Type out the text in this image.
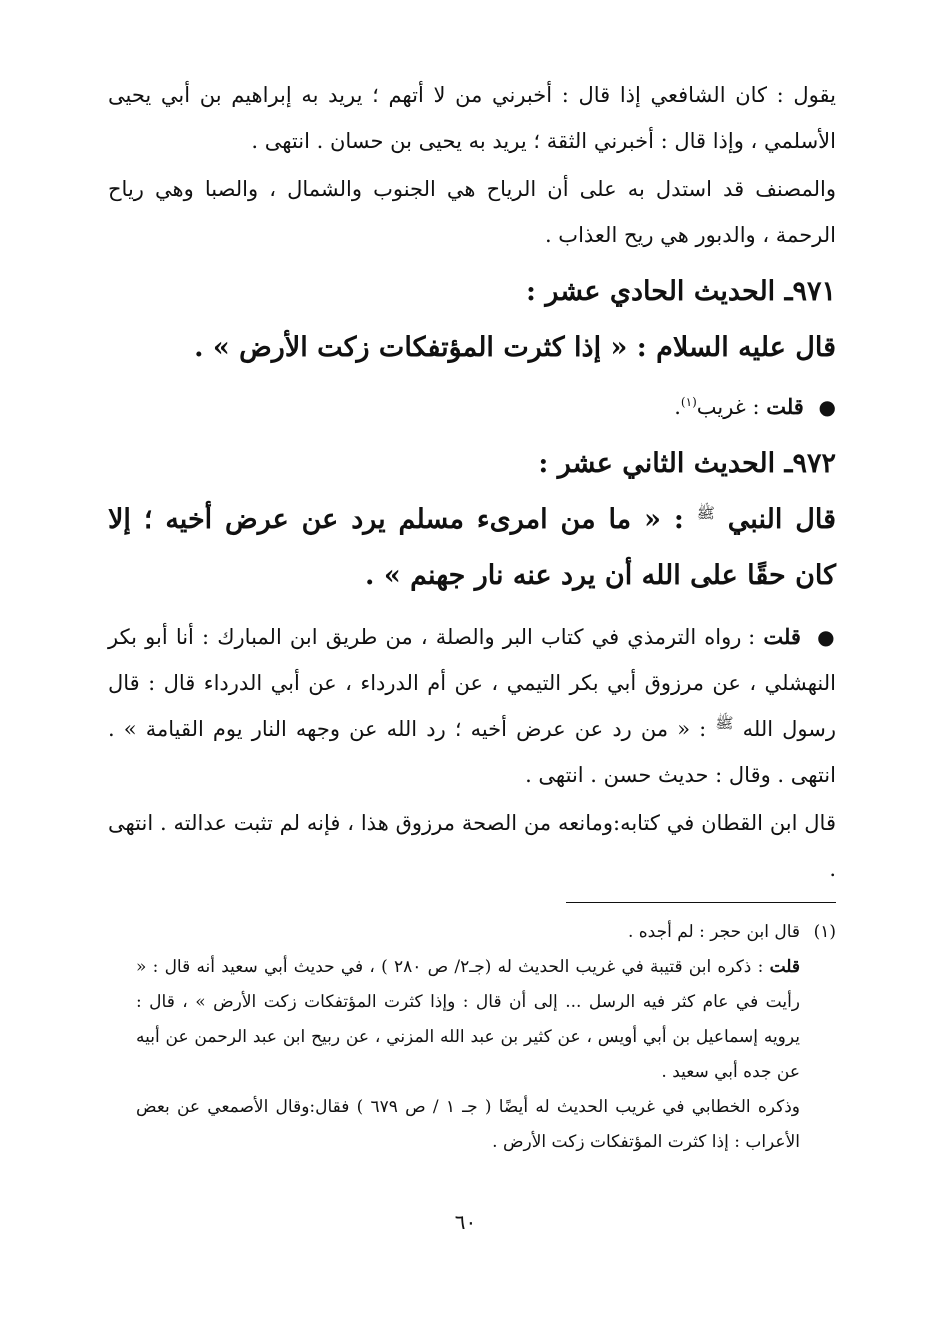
يقول : كان الشافعي إذا قال : أخبرني من لا أتهم ؛ يريد به إبراهيم بن أبي يحيى الأسلمي ، وإذا قال : أخبرني الثقة ؛ يريد به يحيى بن حسان . انتهى .

والمصنف قد استدل به على أن الرياح هي الجنوب والشمال ، والصبا وهي رياح الرحمة ، والدبور هي ريح العذاب .

٩٧١ـ الحديث الحادي عشر :

قال عليه السلام : « إذا كثرت المؤتفكات زكت الأرض » .

● قلت : غريب$^{(١)}$.

٩٧٢ـ الحديث الثاني عشر :

قال النبي $^ﷺ$ : « ما من امرىء مسلم يرد عن عرض أخيه ؛ إلا كان حقًا على الله أن يرد عنه نار جهنم » .

● قلت : رواه الترمذي في كتاب البر والصلة ، من طريق ابن المبارك : أنا أبو بكر النهشلي ، عن مرزوق أبي بكر التيمي ، عن أم الدرداء ، عن أبي الدرداء قال : قال رسول الله $^ﷺ$ : « من رد عن عرض أخيه ؛ رد الله عن وجهه النار يوم القيامة » . انتهى . وقال : حديث حسن . انتهى .

قال ابن القطان في كتابه:ومانعه من الصحة مرزوق هذا ، فإنه لم تثبت عدالته . انتهى .

(١)

قال ابن حجر : لم أجده .

قلت : ذكره ابن قتيبة في غريب الحديث له (جـ٢/ ص ٢٨٠ ) ، في حديث أبي سعيد أنه قال : « رأيت في عام كثر فيه الرسل ... إلى أن قال : وإذا كثرت المؤتفكات زكت الأرض » ، قال : يرويه إسماعيل بن أبي أويس ، عن كثير بن عبد الله المزني ، عن ربيح ابن عبد الرحمن عن أبيه عن جده أبي سعيد .

وذكره الخطابي في غريب الحديث له أيضًا ( جـ ١ / ص ٦٧٩ ) فقال:وقال الأصمعي عن بعض الأعراب : إذا كثرت المؤتفكات زكت الأرض .

٦٠
